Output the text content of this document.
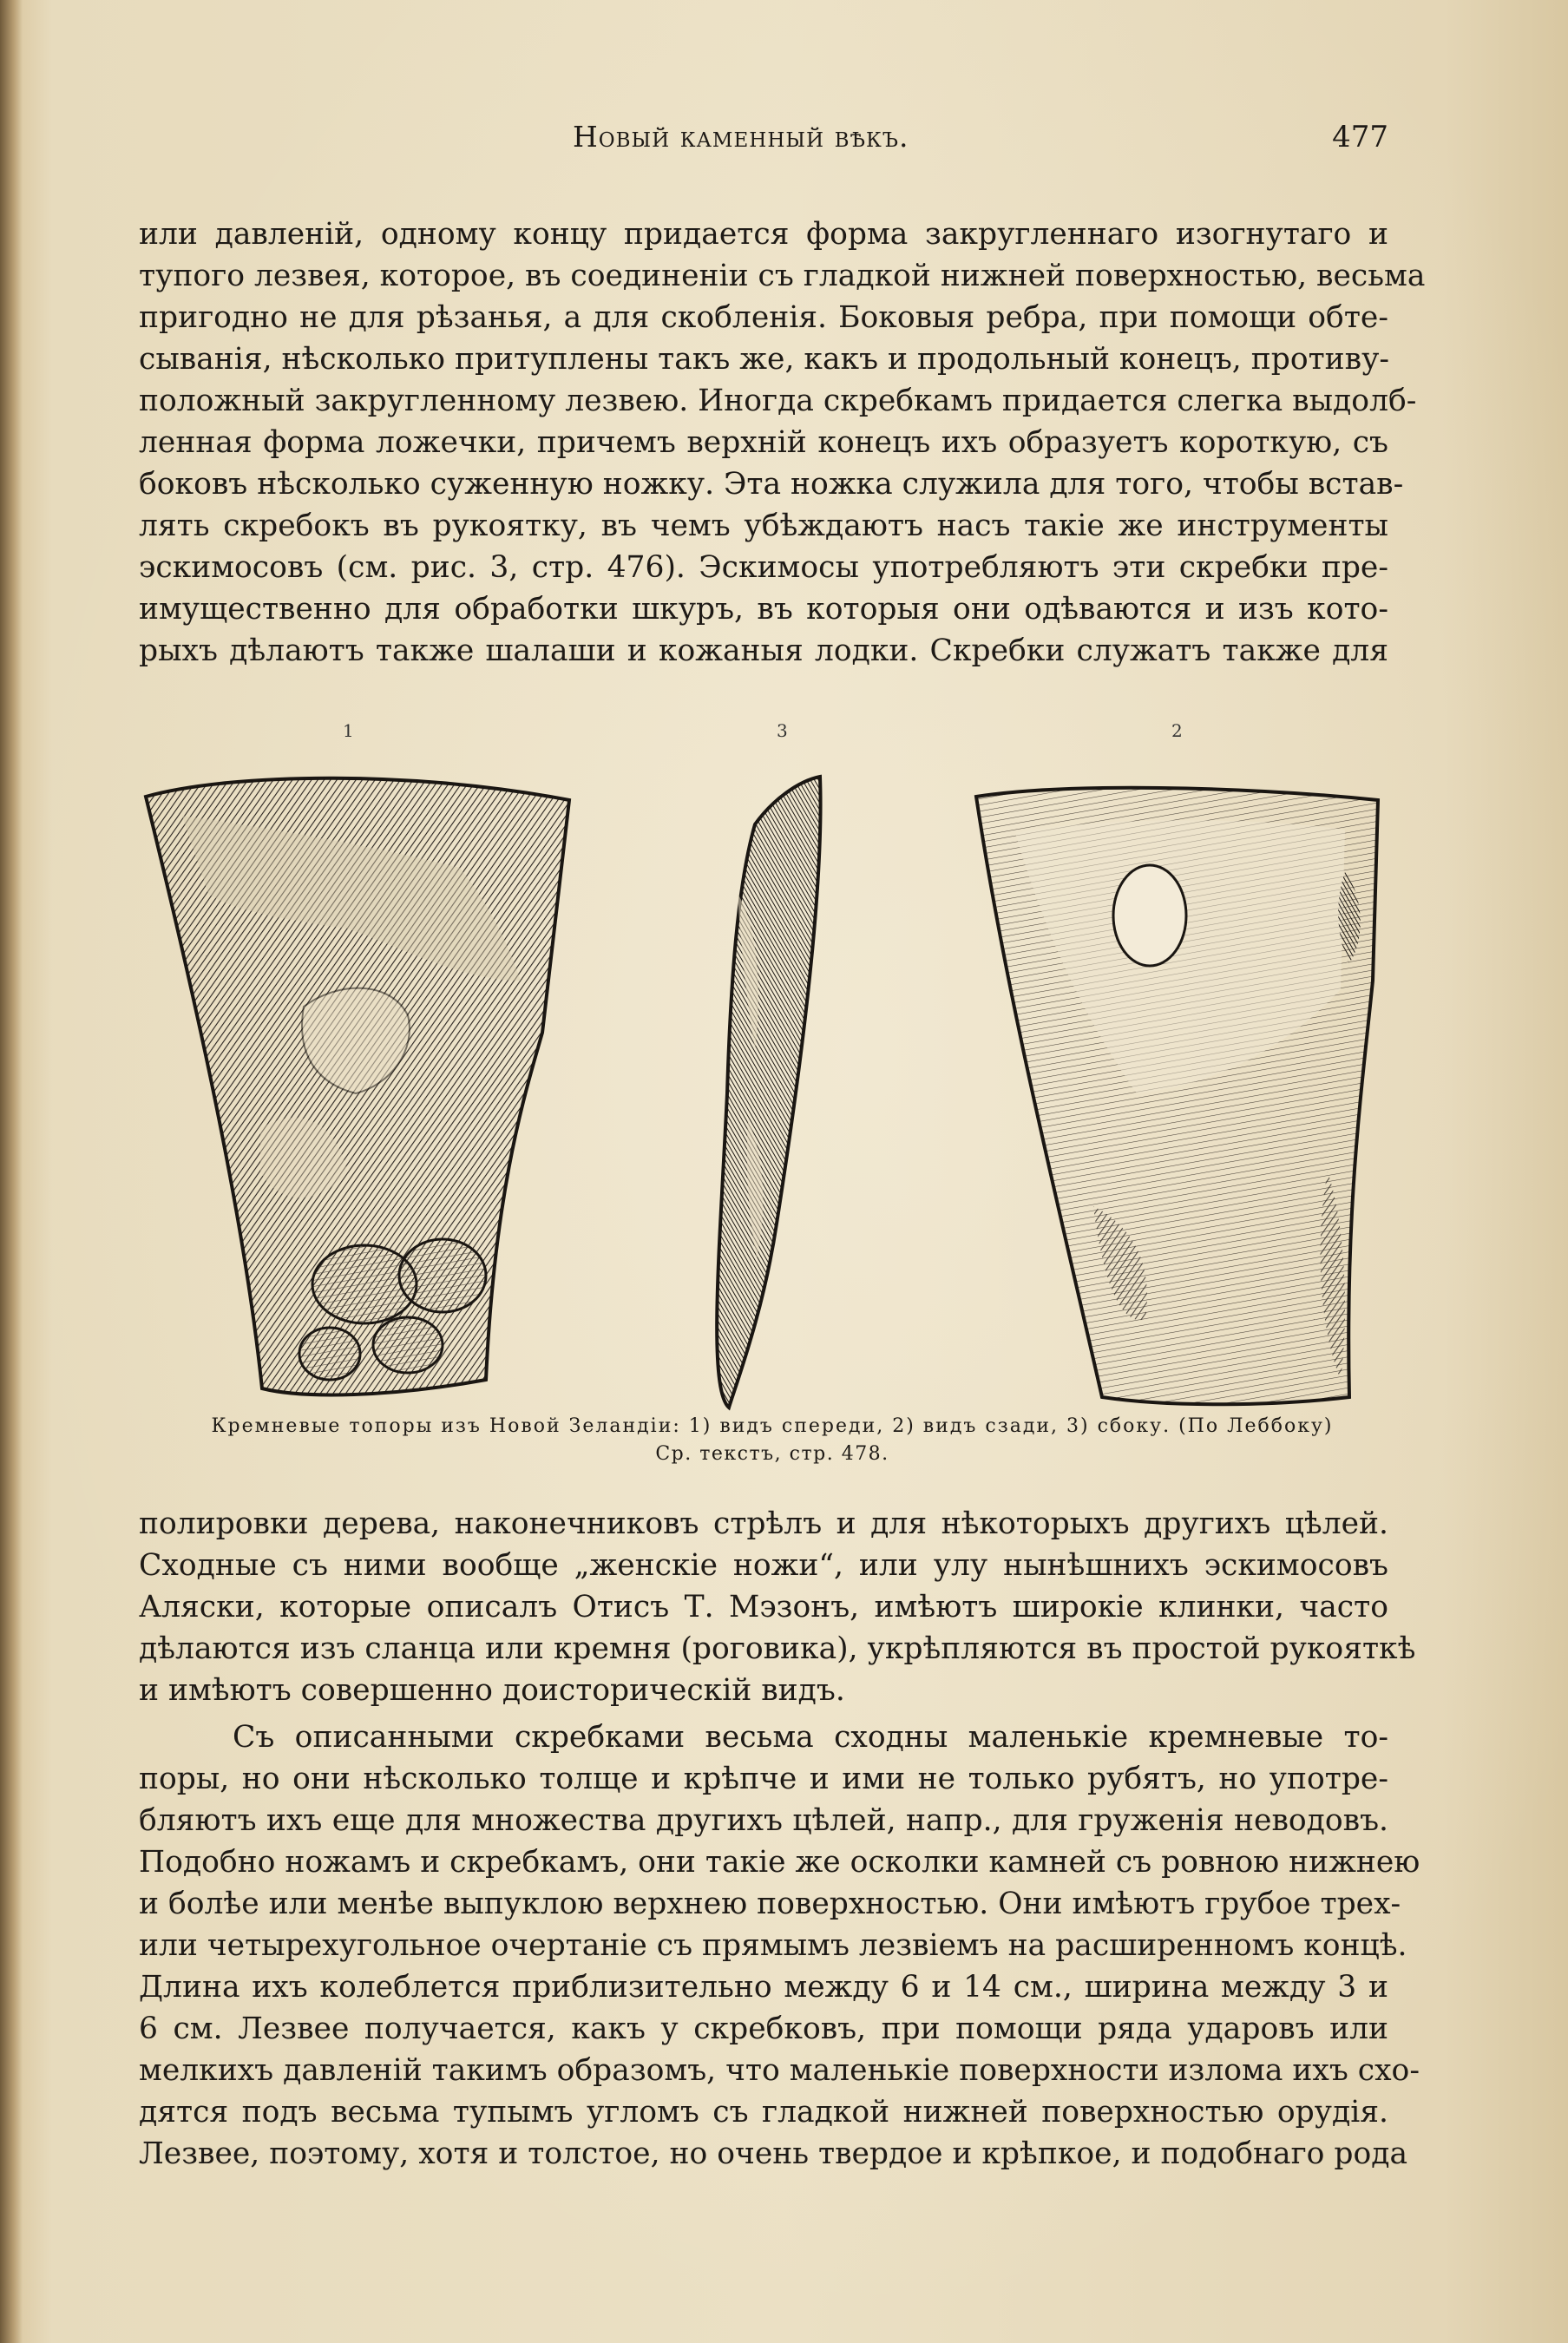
Новый каменный вѣкъ.	477
или давленій, одному концу придается форма закругленнаго изогнутаго и
тупого лезвея, которое, въ соединеніи съ гладкой нижней поверхностью, весьма
пригодно не для рѣзанья, а для скобленія. Боковыя ребра, при помощи обте-
сыванія, нѣсколько притуплены такъ же, какъ и продольный конецъ, противу-
положный закругленному лезвею. Иногда скребкамъ придается слегка выдолб-
ленная форма ложечки, причемъ верхній конецъ ихъ образуетъ короткую, съ
боковъ нѣсколько суженную ножку. Эта ножка служила для того, чтобы встав-
лять скребокъ въ рукоятку, въ чемъ убѣждаютъ насъ такіе же инструменты
эскимосовъ (см. рис. 3, стр. 476). Эскимосы употребляютъ эти скребки пре-
имущественно для обработки шкуръ, въ которыя они одѣваются и изъ кото-
рыхъ дѣлаютъ также шалаши и кожаныя лодки. Скребки служатъ также для
1	3	2
Кремневые топоры изъ Новой Зеландіи: 1) видъ спереди, 2) видъ сзади, 3) сбоку. (По Леббоку)
Ср. текстъ, стр. 478.
полировки дерева, наконечниковъ стрѣлъ и для нѣкоторыхъ другихъ цѣлей.
Сходные съ ними вообще „женскіе ножи“, или улу нынѣшнихъ эскимосовъ
Аляски, которые описалъ Отисъ Т. Мэзонъ, имѣютъ широкіе клинки, часто
дѣлаются изъ сланца или кремня (роговика), укрѣпляются въ простой рукояткѣ
и имѣютъ совершенно доисторическій видъ.
Съ описанными скребками весьма сходны маленькіе кремневые то-
поры, но они нѣсколько толще и крѣпче и ими не только рубятъ, но употре-
бляютъ ихъ еще для множества другихъ цѣлей, напр., для груженія неводовъ.
Подобно ножамъ и скребкамъ, они такіе же осколки камней съ ровною нижнею
и болѣе или менѣе выпуклою верхнею поверхностью. Они имѣютъ грубое трех-
или четырехугольное очертаніе съ прямымъ лезвіемъ на расширенномъ концѣ.
Длина ихъ колеблется приблизительно между 6 и 14 см., ширина между 3 и
6 см. Лезвее получается, какъ у скребковъ, при помощи ряда ударовъ или
мелкихъ давленій такимъ образомъ, что маленькіе поверхности излома ихъ схо-
дятся подъ весьма тупымъ угломъ съ гладкой нижней поверхностью орудія.
Лезвее, поэтому, хотя и толстое, но очень твердое и крѣпкое, и подобнаго рода
